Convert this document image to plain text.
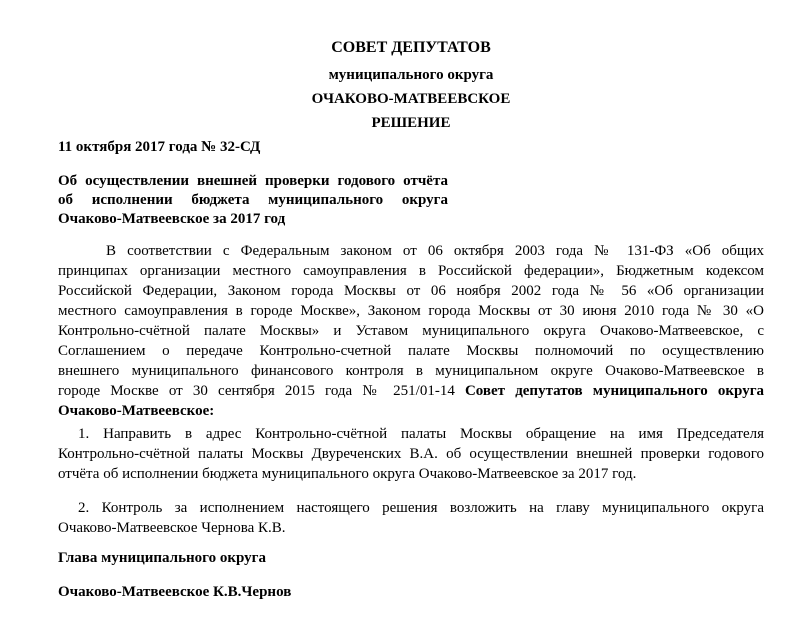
СОВЕТ ДЕПУТАТОВ
муниципального округа
ОЧАКОВО-МАТВЕЕВСКОЕ
РЕШЕНИЕ
11 октября 2017 года № 32-СД
Об осуществлении внешней проверки годового отчёта
об исполнении бюджета муниципального округа
Очаково-Матвеевское за 2017 год
В соответствии с Федеральным законом от 06 октября 2003 года № 131-ФЗ «Об общих
принципах организации местного самоуправления в Российской федерации», Бюджетным кодексом
Российской Федерации, Законом города Москвы от 06 ноября 2002 года № 56 «Об организации
местного самоуправления в городе Москве», Законом города Москвы от 30 июня 2010 года № 30 «О
Контрольно-счётной палате Москвы» и Уставом муниципального округа Очаково-Матвеевское, с
Соглашением о передаче Контрольно-счетной палате Москвы полномочий по осуществлению
внешнего муниципального финансового контроля в муниципальном округе Очаково-Матвеевское в
городе Москве от 30 сентября 2015 года № 251/01-14 Совет депутатов муниципального округа
Очаково-Матвеевское:
1. Направить в адрес Контрольно-счётной палаты Москвы обращение на имя Председателя
Контрольно-счётной палаты Москвы Двуреченских В.А. об осуществлении внешней проверки годового
отчёта об исполнении бюджета муниципального округа Очаково-Матвеевское за 2017 год.
2. Контроль за исполнением настоящего решения возложить на главу муниципального округа
Очаково-Матвеевское Чернова К.В.
Глава муниципального округа
Очаково-Матвеевское К.В.Чернов
